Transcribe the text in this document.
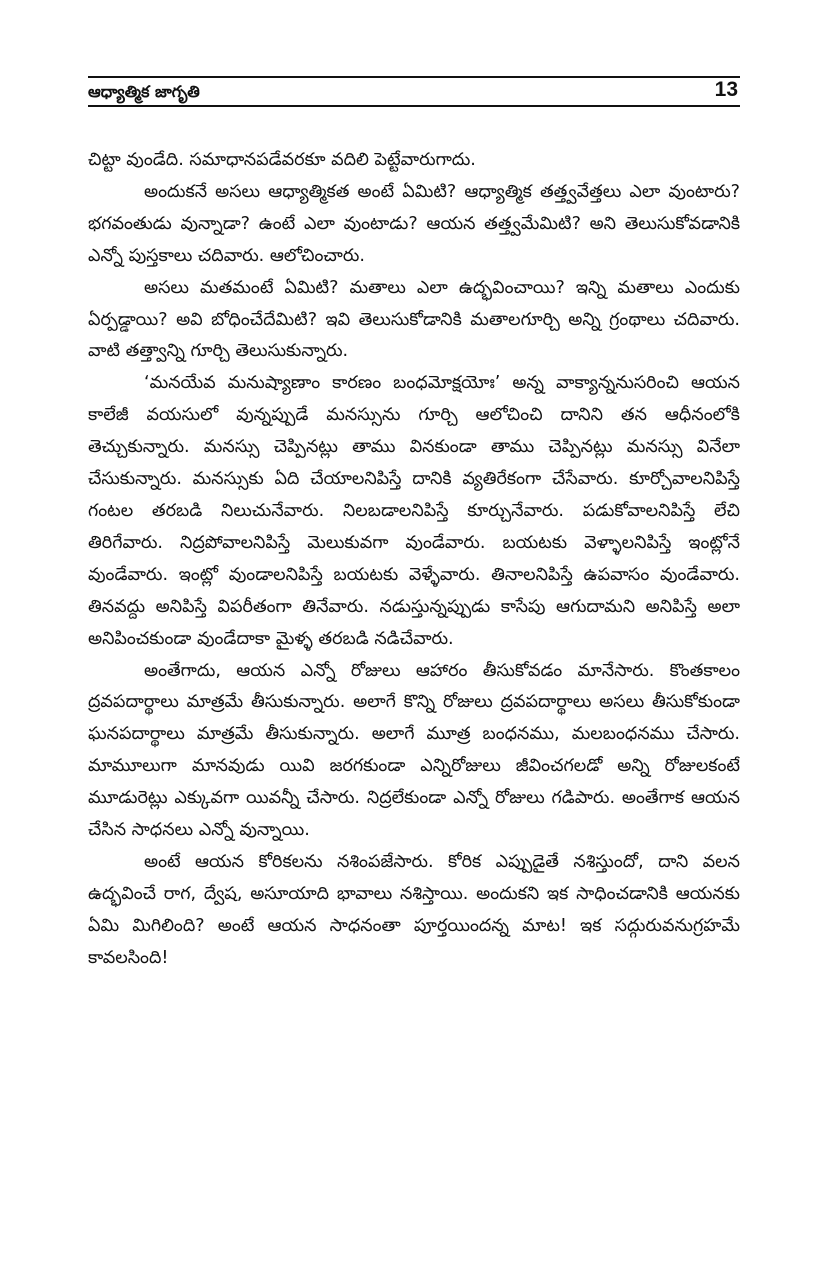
ఆధ్యాత్మిక జాగృతి	13

చిట్టా వుండేది. సమాధానపడేవరకూ వదిలి పెట్టేవారుగాదు.

అందుకనే అసలు ఆధ్యాత్మికత అంటే ఏమిటి? ఆధ్యాత్మిక తత్త్వవేత్తలు ఎలా వుంటారు? భగవంతుడు వున్నాడా? ఉంటే ఎలా వుంటాడు? ఆయన తత్త్వమేమిటి? అని తెలుసుకోవడానికి ఎన్నో పుస్తకాలు చదివారు. ఆలోచించారు.

అసలు మతమంటే ఏమిటి? మతాలు ఎలా ఉద్భవించాయి? ఇన్ని మతాలు ఎందుకు ఏర్పడ్డాయి? అవి బోధించేదేమిటి? ఇవి తెలుసుకోడానికి మతాలగూర్చి అన్ని గ్రంథాలు చదివారు. వాటి తత్త్వాన్ని గూర్చి తెలుసుకున్నారు.

‘మనయేవ మనుష్యాణాం కారణం బంధమోక్షయోః’ అన్న వాక్యాన్ననుసరించి ఆయన కాలేజీ వయసులో వున్నప్పుడే మనస్సును గూర్చి ఆలోచించి దానిని తన ఆధీనంలోకి తెచ్చుకున్నారు. మనస్సు చెప్పినట్లు తాము వినకుండా తాము చెప్పినట్లు మనస్సు వినేలా చేసుకున్నారు. మనస్సుకు ఏది చేయాలనిపిస్తే దానికి వ్యతిరేకంగా చేసేవారు. కూర్చోవాలనిపిస్తే గంటల తరబడి నిలుచునేవారు. నిలబడాలనిపిస్తే కూర్చునేవారు. పడుకోవాలనిపిస్తే లేచి తిరిగేవారు. నిద్రపోవాలనిపిస్తే మెలుకువగా వుండేవారు. బయటకు వెళ్ళాలనిపిస్తే ఇంట్లోనే వుండేవారు. ఇంట్లో వుండాలనిపిస్తే బయటకు వెళ్ళేవారు. తినాలనిపిస్తే ఉపవాసం వుండేవారు. తినవద్దు అనిపిస్తే విపరీతంగా తినేవారు. నడుస్తున్నప్పుడు కాసేపు ఆగుదామని అనిపిస్తే అలా అనిపించకుండా వుండేదాకా మైళ్ళ తరబడి నడిచేవారు.

అంతేగాదు, ఆయన ఎన్నో రోజులు ఆహారం తీసుకోవడం మానేసారు. కొంతకాలం ద్రవపదార్థాలు మాత్రమే తీసుకున్నారు. అలాగే కొన్ని రోజులు ద్రవపదార్థాలు అసలు తీసుకోకుండా ఘనపదార్థాలు మాత్రమే తీసుకున్నారు. అలాగే మూత్ర బంధనము, మలబంధనము చేసారు. మామూలుగా మానవుడు యివి జరగకుండా ఎన్నిరోజులు జీవించగలడో అన్ని రోజులకంటే మూడురెట్లు ఎక్కువగా యివన్నీ చేసారు. నిద్రలేకుండా ఎన్నో రోజులు గడిపారు. అంతేగాక ఆయన చేసిన సాధనలు ఎన్నో వున్నాయి.

అంటే ఆయన కోరికలను నశింపజేసారు. కోరిక ఎప్పుడైతే నశిస్తుందో, దాని వలన ఉద్భవించే రాగ, ద్వేష, అసూయాది భావాలు నశిస్తాయి. అందుకని ఇక సాధించడానికి ఆయనకు ఏమి మిగిలింది? అంటే ఆయన సాధనంతా పూర్తయిందన్న మాట! ఇక సద్గురువనుగ్రహమే కావలసింది!
